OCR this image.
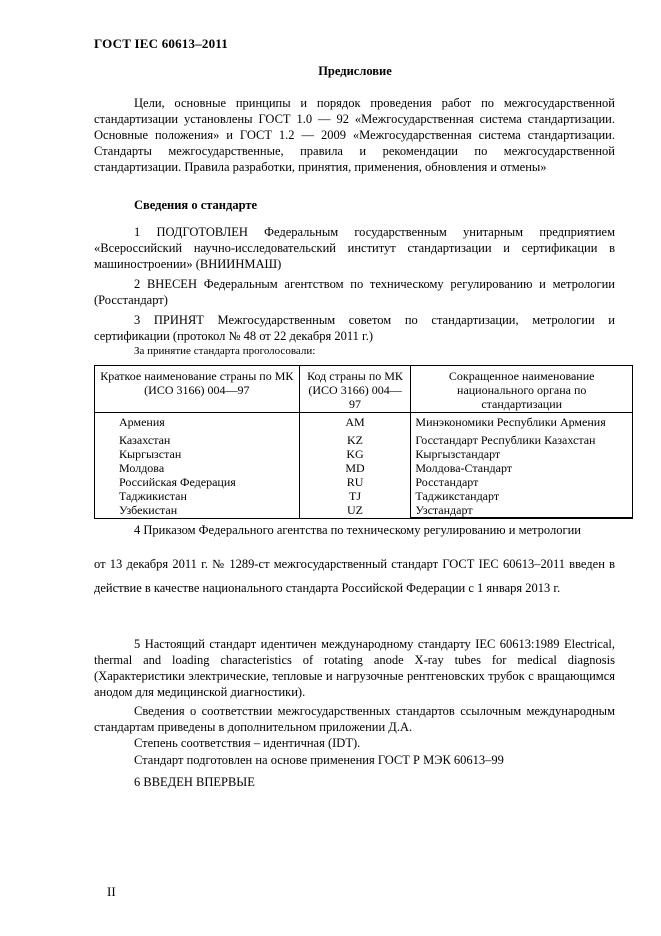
ГОСТ IEC 60613–2011
Предисловие
Цели, основные принципы и порядок проведения работ по межгосударственной стандартизации установлены ГОСТ 1.0 — 92 «Межгосударственная система стандартизации. Основные положения» и ГОСТ 1.2 — 2009 «Межгосударственная система стандартизации. Стандарты межгосударственные, правила и рекомендации по межгосударственной стандартизации. Правила разработки, принятия, применения, обновления и отмены»
Сведения о стандарте
1 ПОДГОТОВЛЕН Федеральным государственным унитарным предприятием «Всероссийский научно-исследовательский институт стандартизации и сертификации в машиностроении» (ВНИИНМАШ)
2 ВНЕСЕН Федеральным агентством по техническому регулированию и метрологии (Росстандарт)
3 ПРИНЯТ Межгосударственным советом по стандартизации, метрологии и сертификации (протокол № 48 от 22 декабря 2011 г.)
За принятие стандарта проголосовали:
Краткое наименование страны по МК (ИСО 3166) 004—97	Код страны по МК (ИСО 3166) 004—97	Сокращенное наименование национального органа по стандартизации
Армения	AM	Минэкономики Республики Армения
Казахстан	KZ	Госстандарт Республики Казахстан
Кыргызстан	KG	Кыргызстандарт
Молдова	MD	Молдова-Стандарт
Российская Федерация	RU	Росстандарт
Таджикистан	TJ	Таджикстандарт
Узбекистан	UZ	Узстандарт
4 Приказом Федерального агентства по техническому регулированию и метрологии
от 13 декабря 2011 г. № 1289-ст межгосударственный стандарт ГОСТ IEC 60613–2011 введен в действие в качестве национального стандарта Российской Федерации с 1 января 2013 г.
5 Настоящий стандарт идентичен международному стандарту IEC 60613:1989 Electrical, thermal and loading characteristics of rotating anode X-ray tubes for medical diagnosis (Характеристики электрические, тепловые и нагрузочные рентгеновских трубок с вращающимся анодом для медицинской диагностики).
Сведения о соответствии межгосударственных стандартов ссылочным международным стандартам приведены в дополнительном приложении Д.А.
Степень соответствия – идентичная (IDT).
Стандарт подготовлен на основе применения ГОСТ Р МЭК 60613–99
6 ВВЕДЕН ВПЕРВЫЕ
II
